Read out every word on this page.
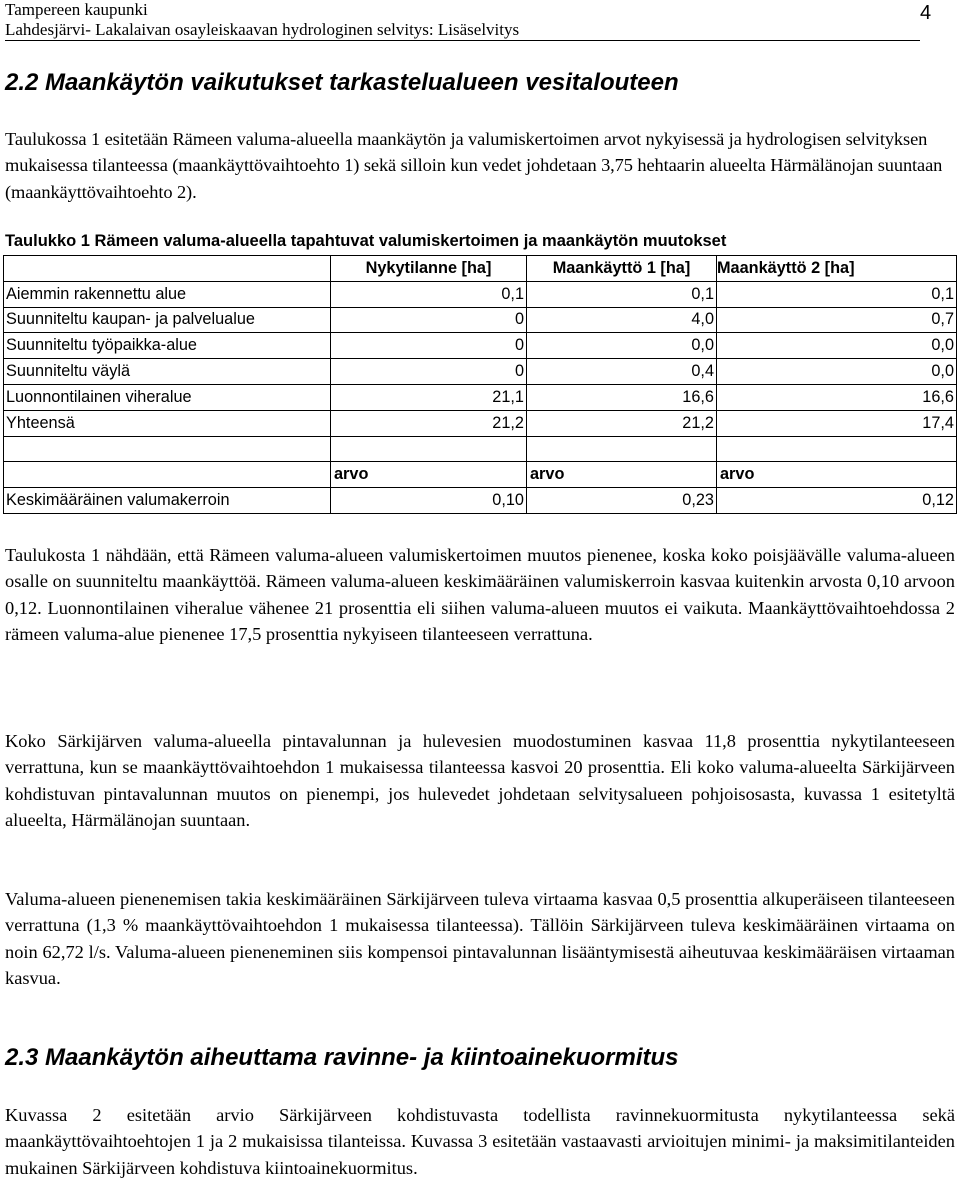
Tampereen kaupunki
Lahdesjärvi- Lakalaivan osayleiskaavan hydrologinen selvitys: Lisäselvitys
4
2.2 Maankäytön vaikutukset tarkastelualueen vesitalouteen
Taulukossa 1 esitetään Rämeen valuma-alueella maankäytön ja valumiskertoimen arvot nykyisessä ja hydrologisen selvityksen mukaisessa tilanteessa (maankäyttövaihtoehto 1) sekä silloin kun vedet johdetaan 3,75 hehtaarin alueelta Härmälänojan suuntaan (maankäyttövaihtoehto 2).
Taulukko 1 Rämeen valuma-alueella tapahtuvat valumiskertoimen ja maankäytön muutokset
	Nykytilanne [ha]	Maankäyttö 1 [ha]	Maankäyttö 2 [ha]
Aiemmin rakennettu alue	0,1	0,1	0,1
Suunniteltu kaupan- ja palvelualue	0	4,0	0,7
Suunniteltu työpaikka-alue	0	0,0	0,0
Suunniteltu väylä	0	0,4	0,0
Luonnontilainen viheralue	21,1	16,6	16,6
Yhteensä	21,2	21,2	17,4

	arvo	arvo	arvo
Keskimääräinen valumakerroin	0,10	0,23	0,12
Taulukosta 1 nähdään, että Rämeen valuma-alueen valumiskertoimen muutos pienenee, koska koko poisjäävälle valuma-alueen osalle on suunniteltu maankäyttöä. Rämeen valuma-alueen keskimääräinen valumiskerroin kasvaa kuitenkin arvosta 0,10 arvoon 0,12. Luonnontilainen viheralue vähenee 21 prosenttia eli siihen valuma-alueen muutos ei vaikuta. Maankäyttövaihtoehdossa 2 rämeen valuma-alue pienenee 17,5 prosenttia nykyiseen tilanteeseen verrattuna.
Koko Särkijärven valuma-alueella pintavalunnan ja hulevesien muodostuminen kasvaa 11,8 prosenttia nykytilanteeseen verrattuna, kun se maankäyttövaihtoehdon 1 mukaisessa tilanteessa kasvoi 20 prosenttia. Eli koko valuma-alueelta Särkijärveen kohdistuvan pintavalunnan muutos on pienempi, jos hulevedet johdetaan selvitysalueen pohjoisosasta, kuvassa 1 esitetyltä alueelta, Härmälänojan suuntaan.
Valuma-alueen pienenemisen takia keskimääräinen Särkijärveen tuleva virtaama kasvaa 0,5 prosenttia alkuperäiseen tilanteeseen verrattuna (1,3 % maankäyttövaihtoehdon 1 mukaisessa tilanteessa). Tällöin Särkijärveen tuleva keskimääräinen virtaama on noin 62,72 l/s. Valuma-alueen pieneneminen siis kompensoi pintavalunnan lisääntymisestä aiheutuvaa keskimääräisen virtaaman kasvua.
2.3 Maankäytön aiheuttama ravinne- ja kiintoainekuormitus
Kuvassa 2 esitetään arvio Särkijärveen kohdistuvasta todellista ravinnekuormitusta nykytilanteessa sekä maankäyttövaihtoehtojen 1 ja 2 mukaisissa tilanteissa. Kuvassa 3 esitetään vastaavasti arvioitujen minimi- ja maksimitilanteiden mukainen Särkijärveen kohdistuva kiintoainekuormitus.
